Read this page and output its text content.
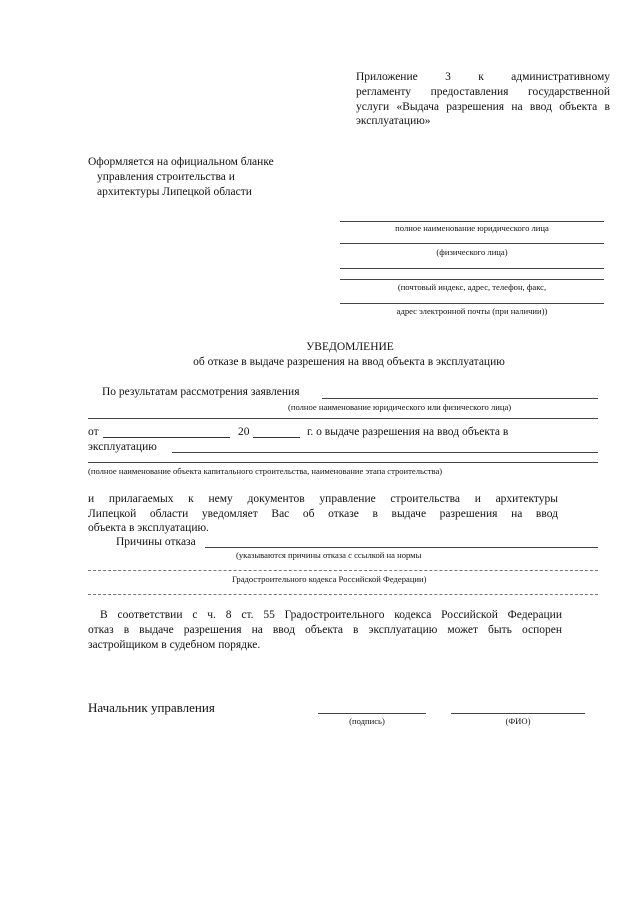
Приложение 3 к административному
регламенту предоставления государственной
услуги «Выдача разрешения на ввод объекта в
эксплуатацию»
Оформляется на официальном бланке
управления строительства и
архитектуры Липецкой области
полное наименование юридического лица
(физического лица)
(почтовый индекс, адрес, телефон, факс,
адрес электронной почты (при наличии))
УВЕДОМЛЕНИЕ
об отказе в выдаче разрешения на ввод объекта в эксплуатацию
По результатам рассмотрения заявления
(полное наименование юридического или физического лица)
от	20	г. о выдаче разрешения на ввод объекта в
эксплуатацию
(полное наименование объекта капитального строительства, наименование этапа строительства)
и прилагаемых к нему документов управление строительства и архитектуры
Липецкой области уведомляет Вас об отказе в выдаче разрешения на ввод
объекта в эксплуатацию.
Причины отказа
(указываются причины отказа с ссылкой на нормы
Градостроительного кодекса Российской Федерации)
В соответствии с ч. 8 ст. 55 Градостроительного кодекса Российской Федерации
отказ в выдаче разрешения на ввод объекта в эксплуатацию может быть оспорен
застройщиком в судебном порядке.
Начальник управления
(подпись)	(ФИО)
